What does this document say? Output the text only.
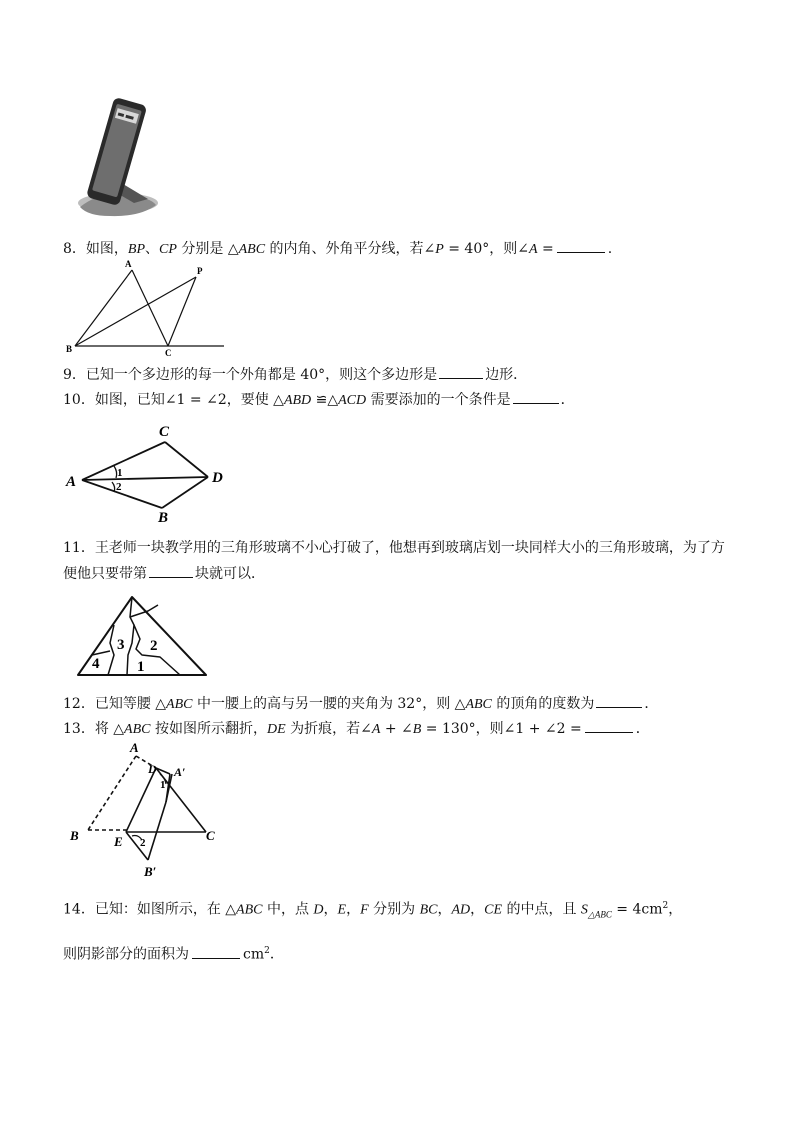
8．如图，BP、CP 分别是 △ABC 的内角、外角平分线，若∠P = 40°，则∠A =	.
A
P
B	C
9．已知一个多边形的每一个外角都是 40°，则这个多边形是	边形．
10．如图，已知∠1 = ∠2，要使 △ABD ≌△ACD 需要添加的一个条件是	．
A
C
D
B
1
2
11．王老师一块教学用的三角形玻璃不小心打破了，他想再到玻璃店划一块同样大小的三角形玻璃，为了方
便他只要带第	块就可以．
3 2
1
4
12．已知等腰 △ABC 中一腰上的高与另一腰的夹角为 32°，则 △ABC 的顶角的度数为	．
13．将 △ABC 按如图所示翻折，DE 为折痕，若∠A + ∠B = 130°，则∠1 + ∠2 =	．
A
D A′
1
B	E 2	C
B′
14．已知：如图所示，在 △ABC 中，点 D，E，F 分别为 BC，AD，CE 的中点，且 $S_{\triangle ABC} = 4cm^2$，
则阴影部分的面积为	$cm^2$．
